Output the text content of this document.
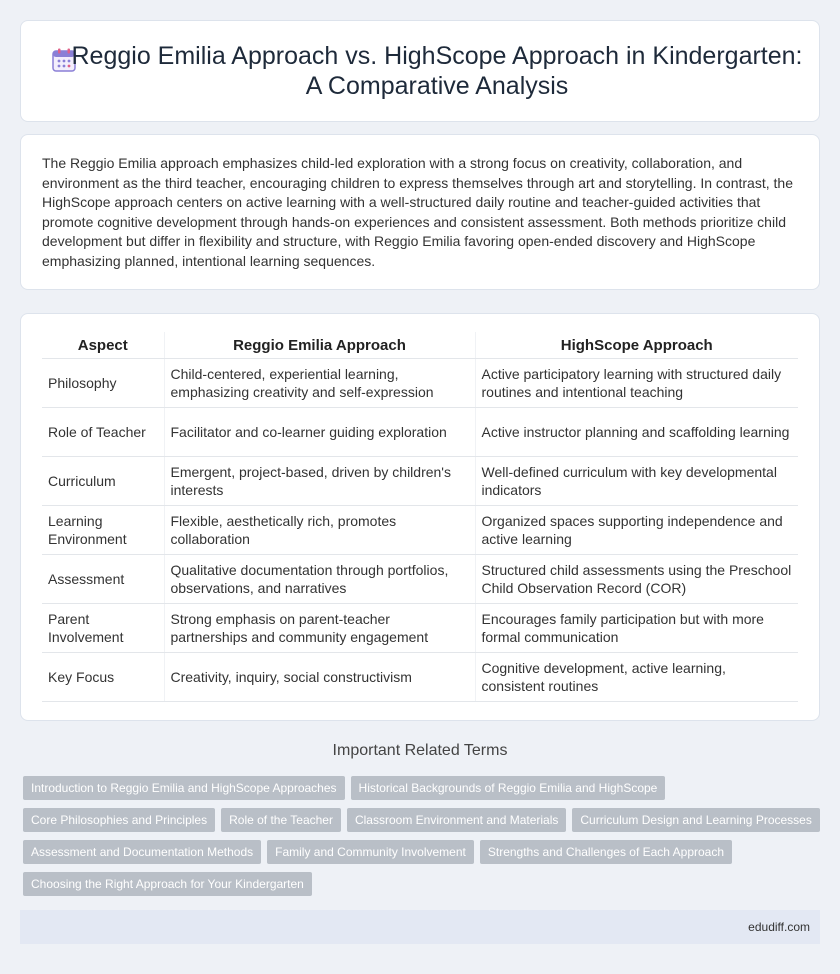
Reggio Emilia Approach vs. HighScope Approach in Kindergarten: A Comparative Analysis

The Reggio Emilia approach emphasizes child-led exploration with a strong focus on creativity, collaboration, and environment as the third teacher, encouraging children to express themselves through art and storytelling. In contrast, the HighScope approach centers on active learning with a well-structured daily routine and teacher-guided activities that promote cognitive development through hands-on experiences and consistent assessment. Both methods prioritize child development but differ in flexibility and structure, with Reggio Emilia favoring open-ended discovery and HighScope emphasizing planned, intentional learning sequences.

Aspect	Reggio Emilia Approach	HighScope Approach
Philosophy	Child-centered, experiential learning, emphasizing creativity and self-expression	Active participatory learning with structured daily routines and intentional teaching
Role of Teacher	Facilitator and co-learner guiding exploration	Active instructor planning and scaffolding learning
Curriculum	Emergent, project-based, driven by children's interests	Well-defined curriculum with key developmental indicators
Learning Environment	Flexible, aesthetically rich, promotes collaboration	Organized spaces supporting independence and active learning
Assessment	Qualitative documentation through portfolios, observations, and narratives	Structured child assessments using the Preschool Child Observation Record (COR)
Parent Involvement	Strong emphasis on parent-teacher partnerships and community engagement	Encourages family participation but with more formal communication
Key Focus	Creativity, inquiry, social constructivism	Cognitive development, active learning, consistent routines
Important Related Terms
Introduction to Reggio Emilia and HighScope Approaches	Historical Backgrounds of Reggio Emilia and HighScope
Core Philosophies and Principles	Role of the Teacher	Classroom Environment and Materials	Curriculum Design and Learning Processes
Assessment and Documentation Methods	Family and Community Involvement	Strengths and Challenges of Each Approach
Choosing the Right Approach for Your Kindergarten
edudiff.com
